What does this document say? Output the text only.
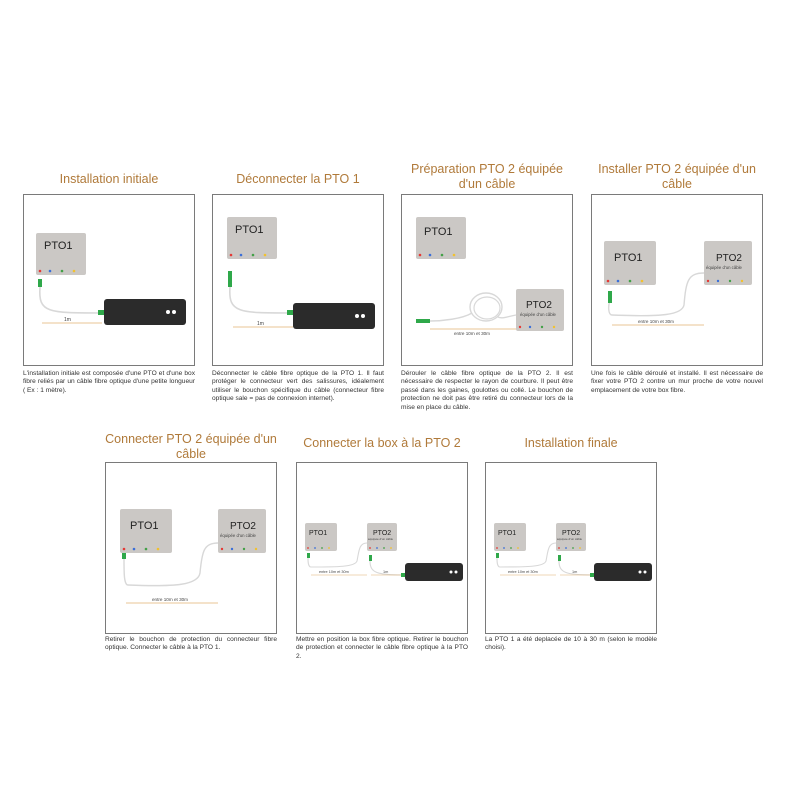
Installation initiale
PTO1
1m
L'installation initiale est composée d'une PTO et d'une box fibre reliés par un câble fibre optique d'une petite longueur ( Ex : 1 mètre).
Déconnecter la PTO 1
PTO1
1m
Déconnecter le câble fibre optique de la PTO 1. Il faut protéger le connecteur vert des salissures, idéalement utiliser le bouchon spécifique du câble (connecteur fibre optique sale = pas de connexion internet).
Préparation PTO 2 équipée d'un câble
PTO1
PTO2
équipée d'un câble
entre 10m et 30m
Dérouler le câble fibre optique de la PTO 2. Il est nécessaire de respecter le rayon de courbure. Il peut être passé dans les gaines, goulottes ou collé. Le bouchon de protection ne doit pas être retiré du connecteur lors de la mise en place du câble.
Installer PTO 2 équipée d'un câble
PTO1	PTO2
équipée d'un câble
entre 10m et 30m
Une fois le câble déroulé et installé. Il est nécessaire de fixer votre PTO 2 contre un mur proche de votre nouvel emplacement de votre box fibre.
Connecter PTO 2 équipée d'un câble
PTO1	PTO2
équipée d'un câble
entre 10m et 30m
Retirer le bouchon de protection du connecteur fibre optique. Connecter le câble à la PTO 1.
Connecter la box à la PTO 2
PTO1	PTO2
équipée d'un câble
entre 10m et 30m	1m
Mettre en position la box fibre optique. Retirer le bouchon de protection et connecter le câble fibre optique à la PTO 2.
Installation finale
PTO1	PTO2
équipée d'un câble
entre 10m et 30m	1m
La PTO 1 a été deplacée de 10 à 30 m (selon le modèle choisi).
